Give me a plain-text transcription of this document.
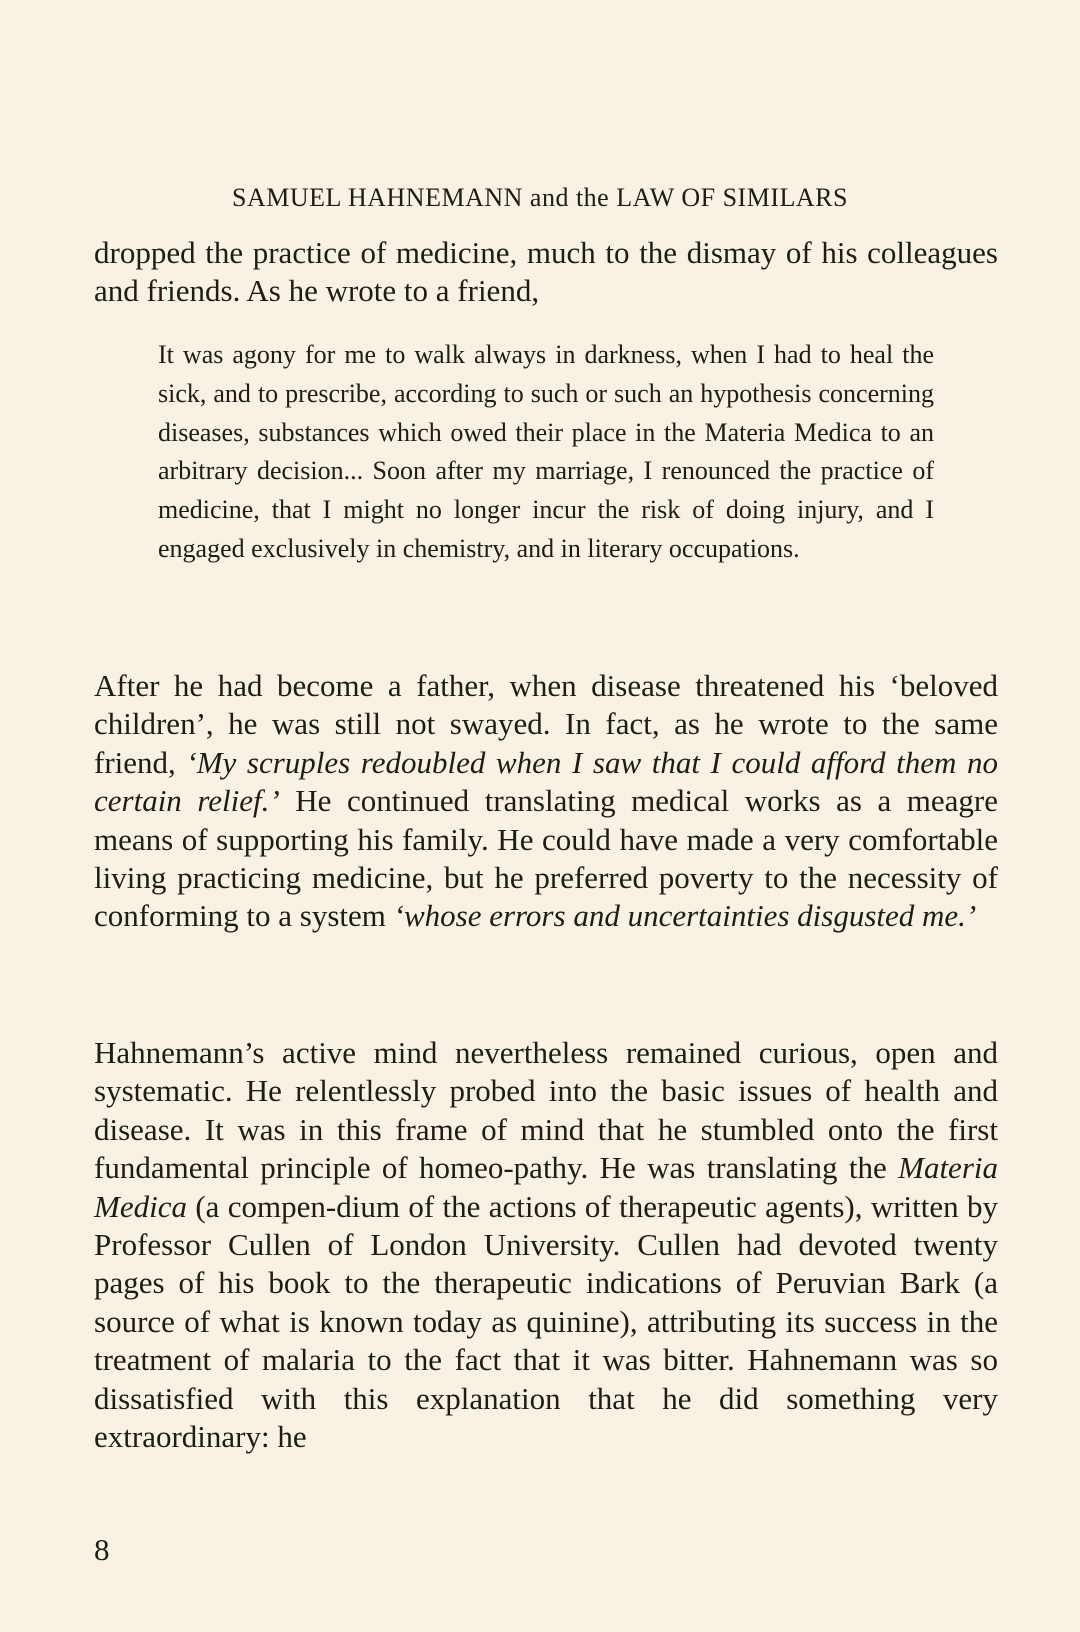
SAMUEL HAHNEMANN and the LAW OF SIMILARS

dropped the practice of medicine, much to the dismay of his colleagues and friends. As he wrote to a friend,

It was agony for me to walk always in darkness, when I had to heal the sick, and to prescribe, according to such or such an hypothesis concerning diseases, substances which owed their place in the Materia Medica to an arbitrary decision... Soon after my marriage, I renounced the practice of medicine, that I might no longer incur the risk of doing injury, and I engaged exclusively in chemistry, and in literary occupations.

After he had become a father, when disease threatened his ‘beloved children’, he was still not swayed. In fact, as he wrote to the same friend, ‘My scruples redoubled when I saw that I could afford them no certain relief.’ He continued translating medical works as a meagre means of supporting his family. He could have made a very comfortable living practicing medicine, but he preferred poverty to the necessity of conforming to a system ‘whose errors and uncertainties disgusted me.’

Hahnemann’s active mind nevertheless remained curious, open and systematic. He relentlessly probed into the basic issues of health and disease. It was in this frame of mind that he stumbled onto the first fundamental principle of homeo-pathy. He was translating the Materia Medica (a compen-dium of the actions of therapeutic agents), written by Professor Cullen of London University. Cullen had devoted twenty pages of his book to the therapeutic indications of Peruvian Bark (a source of what is known today as quinine), attributing its success in the treatment of malaria to the fact that it was bitter. Hahnemann was so dissatisfied with this explanation that he did something very extraordinary: he

8
